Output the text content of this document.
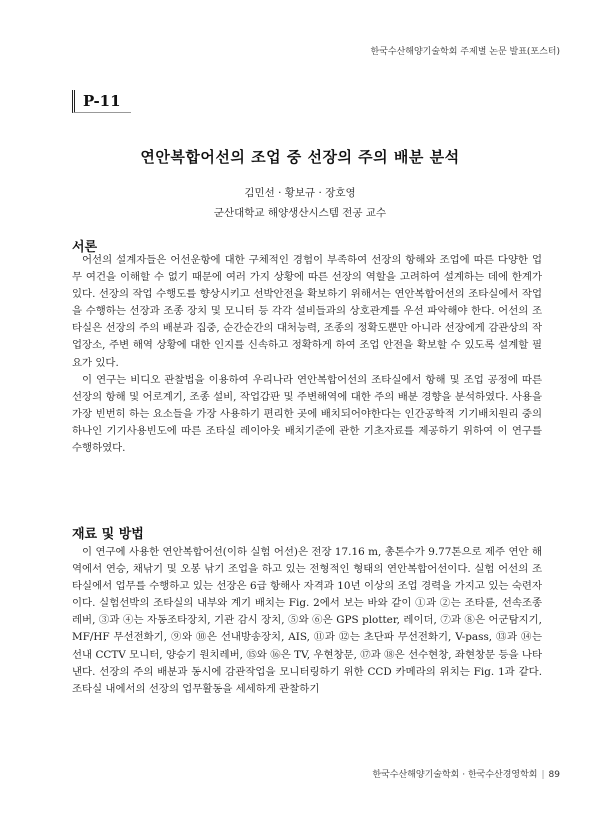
한국수산해양기술학회 주제별 논문 발표(포스터)
P-11
연안복합어선의 조업 중 선장의 주의 배분 분석
김민선 · 황보규 · 장호영
군산대학교 해양생산시스템 전공 교수
서론

어선의 설계자들은 어선운항에 대한 구체적인 경험이 부족하여 선장의 항해와 조업에 따른 다양한 업무 여건을 이해할 수 없기 때문에 여러 가지 상황에 따른 선장의 역할을 고려하여 설계하는 데에 한계가 있다. 선장의 작업 수행도를 향상시키고 선박안전을 확보하기 위해서는 연안복합어선의 조타실에서 작업을 수행하는 선장과 조종 장치 및 모니터 등 각각 설비들과의 상호관계를 우선 파악해야 한다. 어선의 조타실은 선장의 주의 배분과 집중, 순간순간의 대처능력, 조종의 정확도뿐만 아니라 선장에게 감관상의 작업장소, 주변 해역 상황에 대한 인지를 신속하고 정확하게 하여 조업 안전을 확보할 수 있도록 설계할 필요가 있다.

이 연구는 비디오 관찰법을 이용하여 우리나라 연안복합어선의 조타실에서 항해 및 조업 공정에 따른 선장의 항해 및 어로계기, 조종 설비, 작업갑판 및 주변해역에 대한 주의 배분 경향을 분석하였다. 사용을 가장 빈번히 하는 요소들을 가장 사용하기 편리한 곳에 배치되어야한다는 인간공학적 기기배치원리 중의 하나인 기기사용빈도에 따른 조타실 레이아웃 배치기준에 관한 기초자료를 제공하기 위하여 이 연구를 수행하였다.

재료 및 방법

이 연구에 사용한 연안복합어선(이하 실험 어선)은 전장 17.16 m, 총톤수가 9.77톤으로 제주 연안 해역에서 연승, 채낚기 및 오봉 낚기 조업을 하고 있는 전형적인 형태의 연안복합어선이다. 실험 어선의 조타실에서 업무를 수행하고 있는 선장은 6급 항해사 자격과 10년 이상의 조업 경력을 가지고 있는 숙련자이다. 실험선박의 조타실의 내부와 계기 배치는 Fig. 2에서 보는 바와 같이 ①과 ②는 조타륜, 선속조종 레버, ③과 ④는 자동조타장치, 기관 감시 장치, ⑤와 ⑥은 GPS plotter, 레이더, ⑦과 ⑧은 어군탐지기, MF/HF 무선전화기, ⑨와 ⑩은 선내방송장치, AIS, ⑪과 ⑫는 초단파 무선전화기, V-pass, ⑬과 ⑭는 선내 CCTV 모니터, 양승기 원치레버, ⑮와 ⑯은 TV, 우현창문, ⑰과 ⑱은 선수현창, 좌현창문 등을 나타낸다. 선장의 주의 배분과 동시에 감관작업을 모니터링하기 위한 CCD 카메라의 위치는 Fig. 1과 같다. 조타실 내에서의 선장의 업무활동을 세세하게 관찰하기

한국수산해양기술학회 · 한국수산경영학회 | 89
